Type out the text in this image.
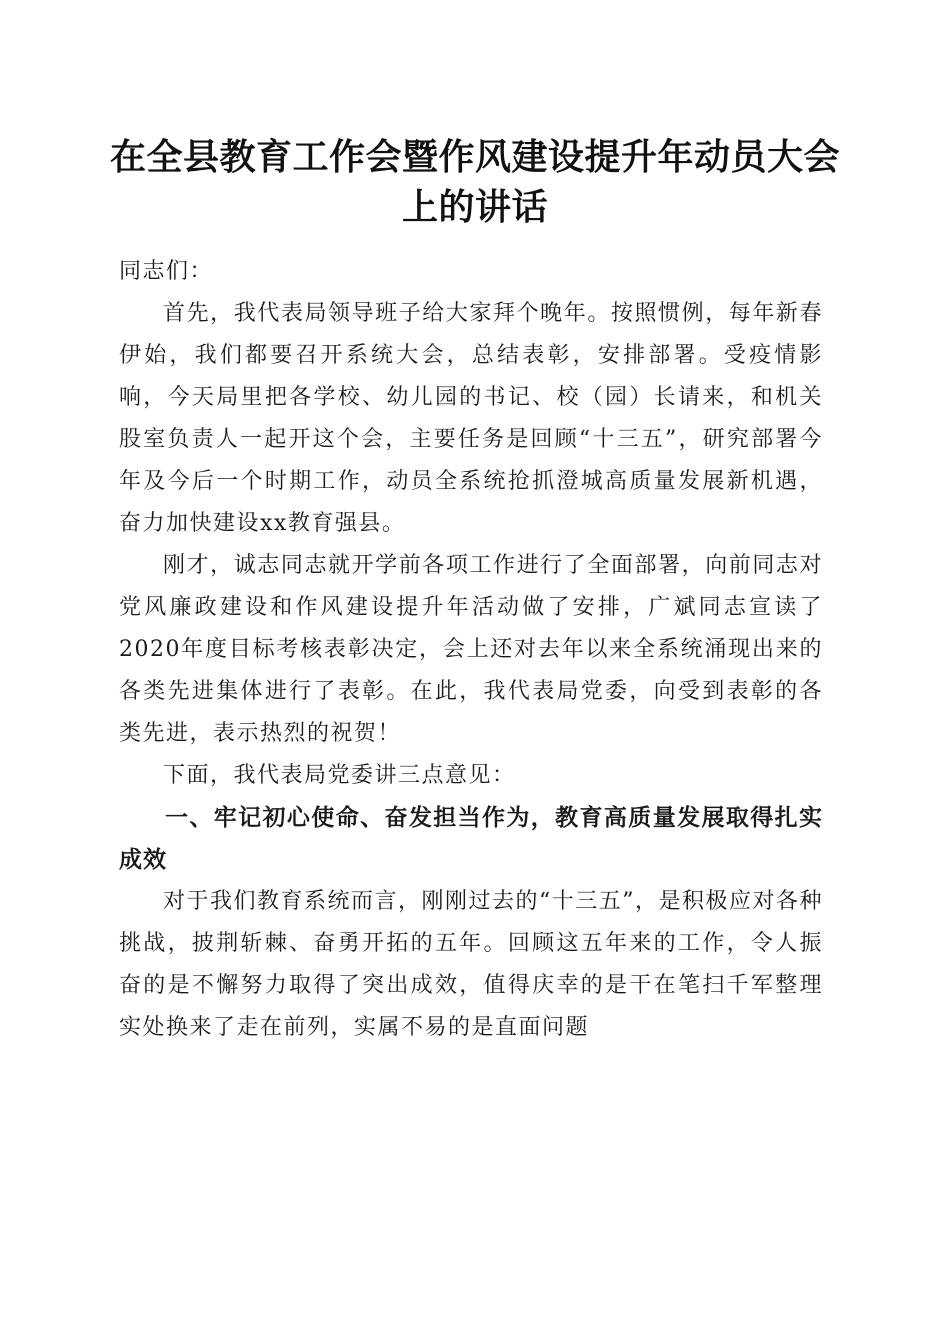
在全县教育工作会暨作风建设提升年动员大会上的讲话

同志们：

首先，我代表局领导班子给大家拜个晚年。按照惯例，每年新春伊始，我们都要召开系统大会，总结表彰，安排部署。受疫情影响，今天局里把各学校、幼儿园的书记、校（园）长请来，和机关股室负责人一起开这个会，主要任务是回顾“十三五”，研究部署今年及今后一个时期工作，动员全系统抢抓澄城高质量发展新机遇，奋力加快建设xx教育强县。

刚才，诚志同志就开学前各项工作进行了全面部署，向前同志对党风廉政建设和作风建设提升年活动做了安排，广斌同志宣读了2020年度目标考核表彰决定，会上还对去年以来全系统涌现出来的各类先进集体进行了表彰。在此，我代表局党委，向受到表彰的各类先进，表示热烈的祝贺！

下面，我代表局党委讲三点意见：

一、牢记初心使命、奋发担当作为，教育高质量发展取得扎实成效

对于我们教育系统而言，刚刚过去的“十三五”，是积极应对各种挑战，披荆斩棘、奋勇开拓的五年。回顾这五年来的工作，令人振奋的是不懈努力取得了突出成效，值得庆幸的是干在笔扫千军整理实处换来了走在前列，实属不易的是直面问题
